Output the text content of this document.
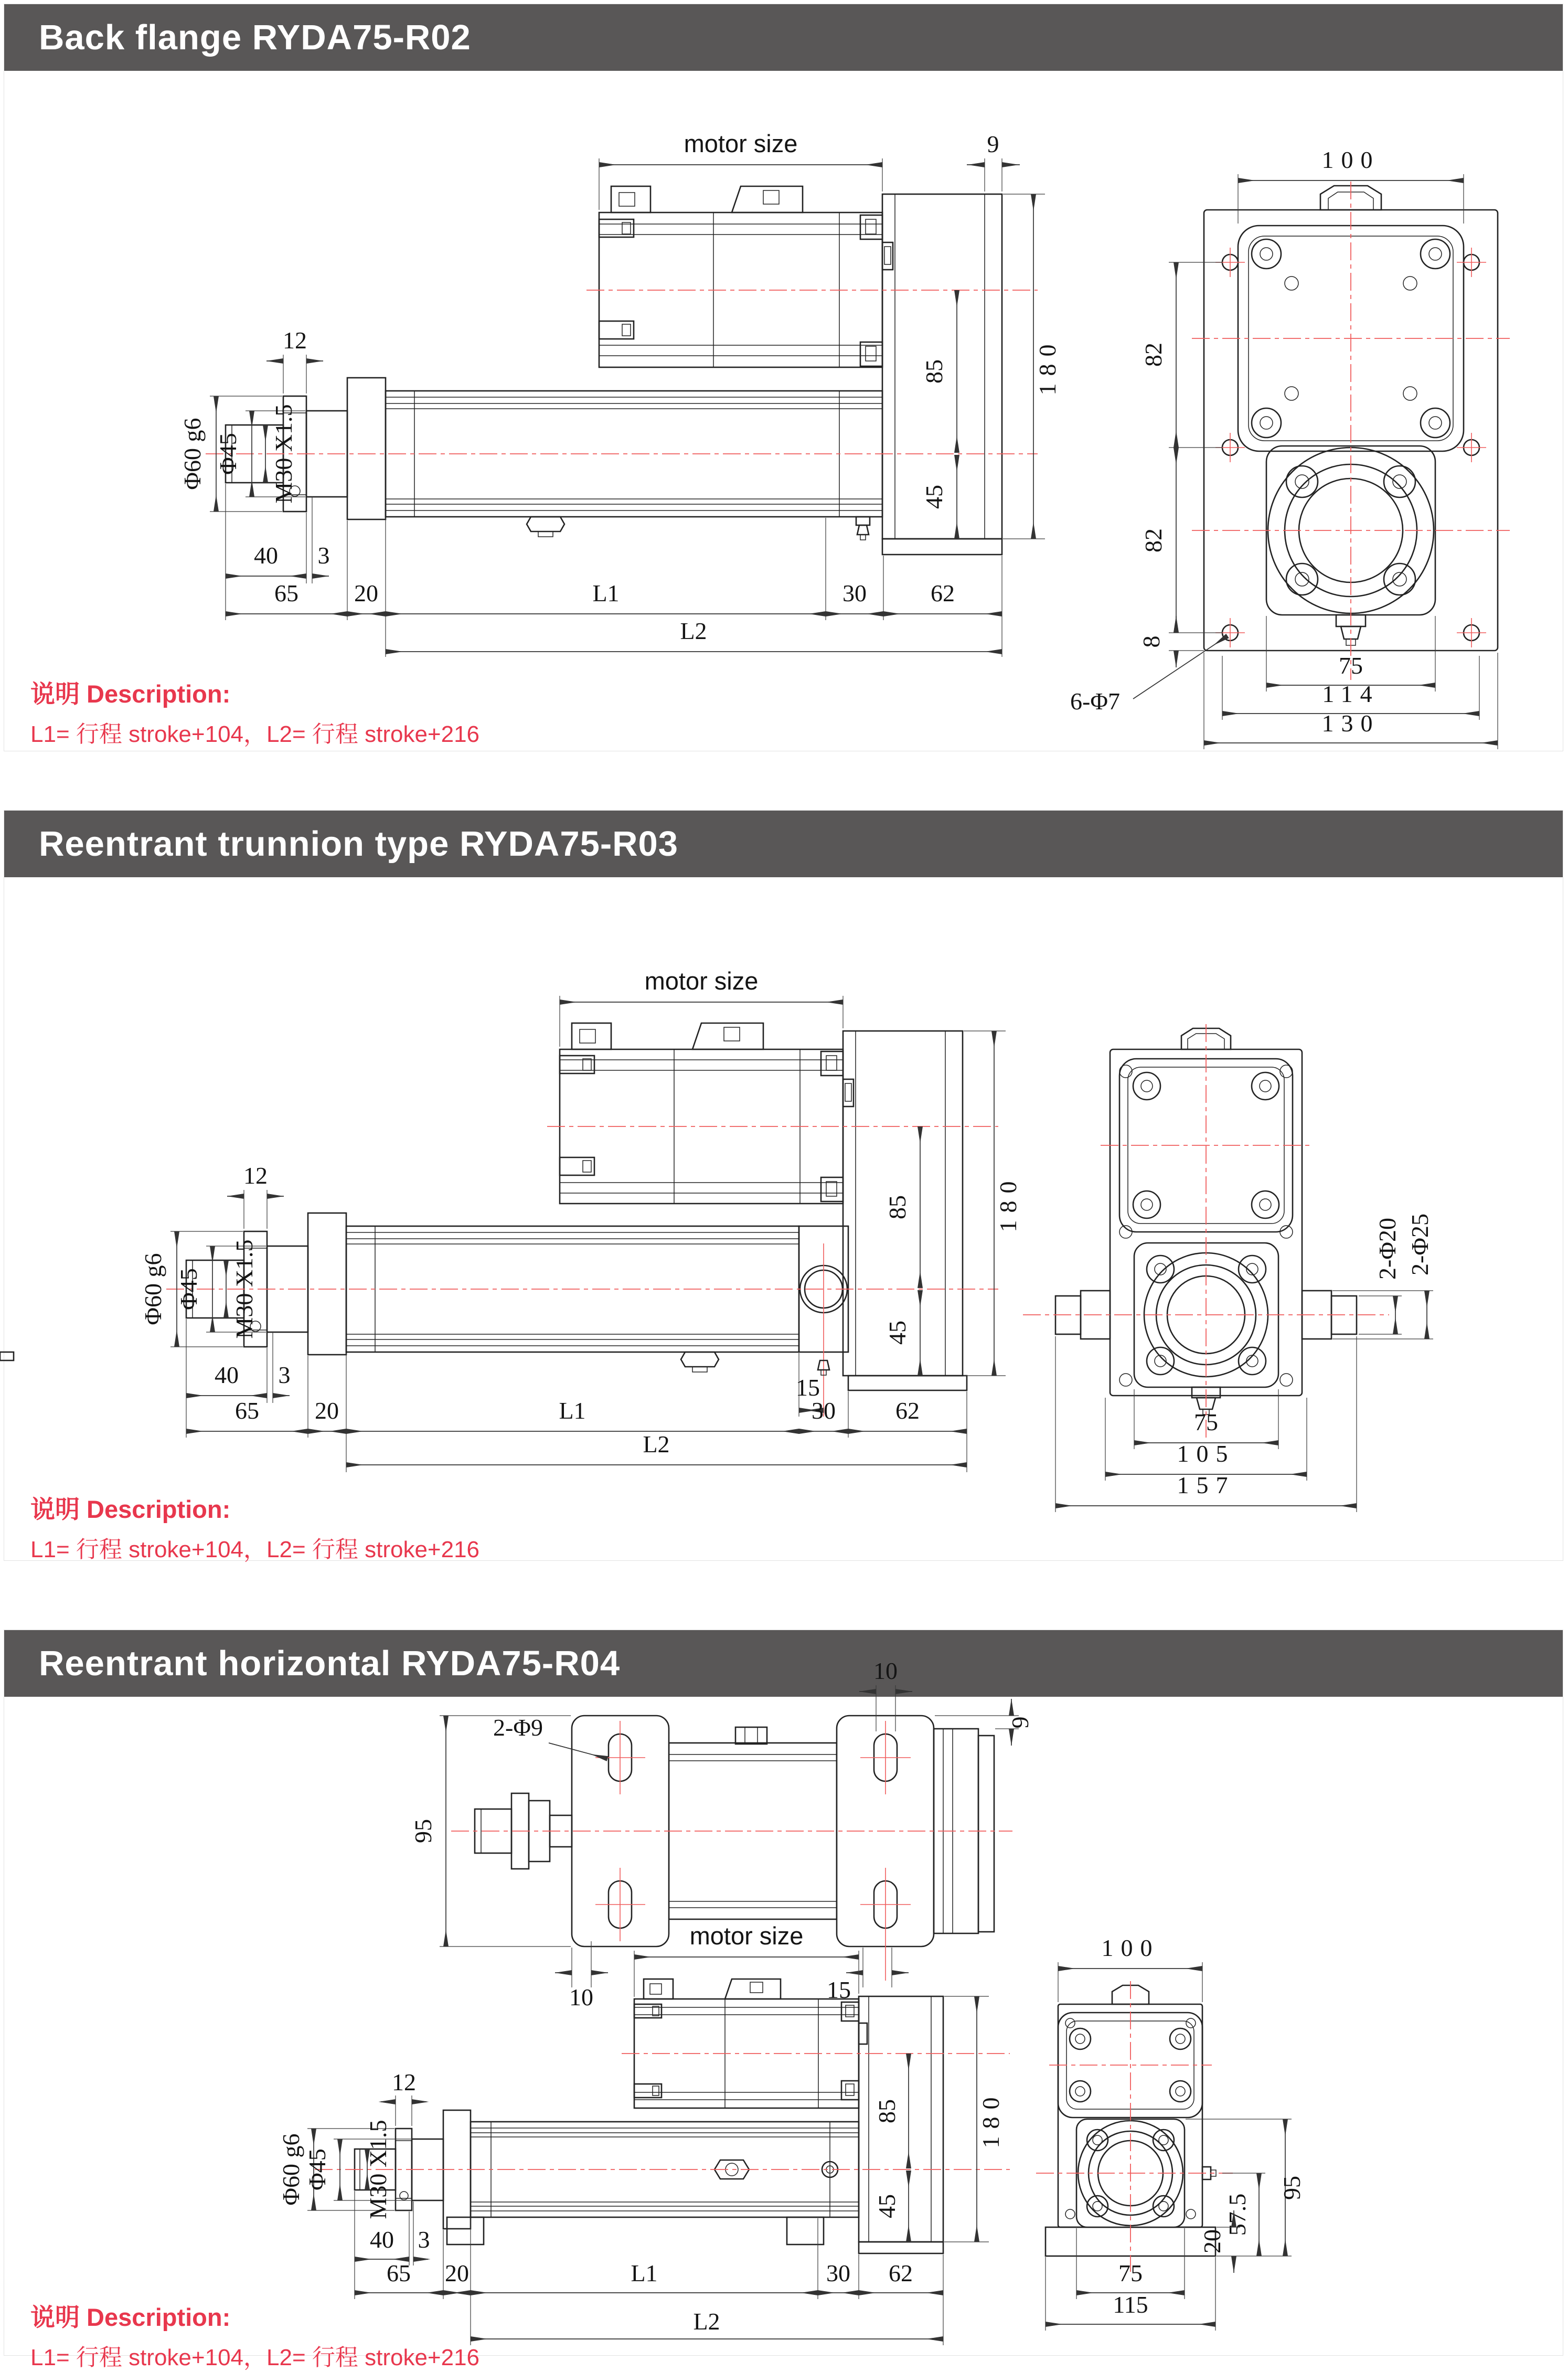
Back flange RYDA75-R02
Reentrant trunnion type RYDA75-R03
Reentrant horizontal RYDA75-R04
motor size	9
180
85
45
12
Φ60 g6 Φ45 M30 X1.5
40 3
65 20	L1	30	62
L2
100
82
82
8
75
114
130
6-Φ7
说明 Description:
L1= 行程 stroke+104，L2= 行程 stroke+216
motor size
180
85
45
12
Φ60 g6 Φ45 M30 X1.5
15
40 3
65 20	L1	30 62
L2
2-Φ20 2-Φ25
75
105
157
说明 Description:
L1= 行程 stroke+104，L2= 行程 stroke+216
2-Φ9
10
9
95
10	15
motor size
180
85
45
12
Φ60 g6 Φ45 M30 X1.5
40 3
65 20	L1	30 62
L2
100
95
57.5
20
75
115
说明 Description:
L1= 行程 stroke+104，L2= 行程 stroke+216
